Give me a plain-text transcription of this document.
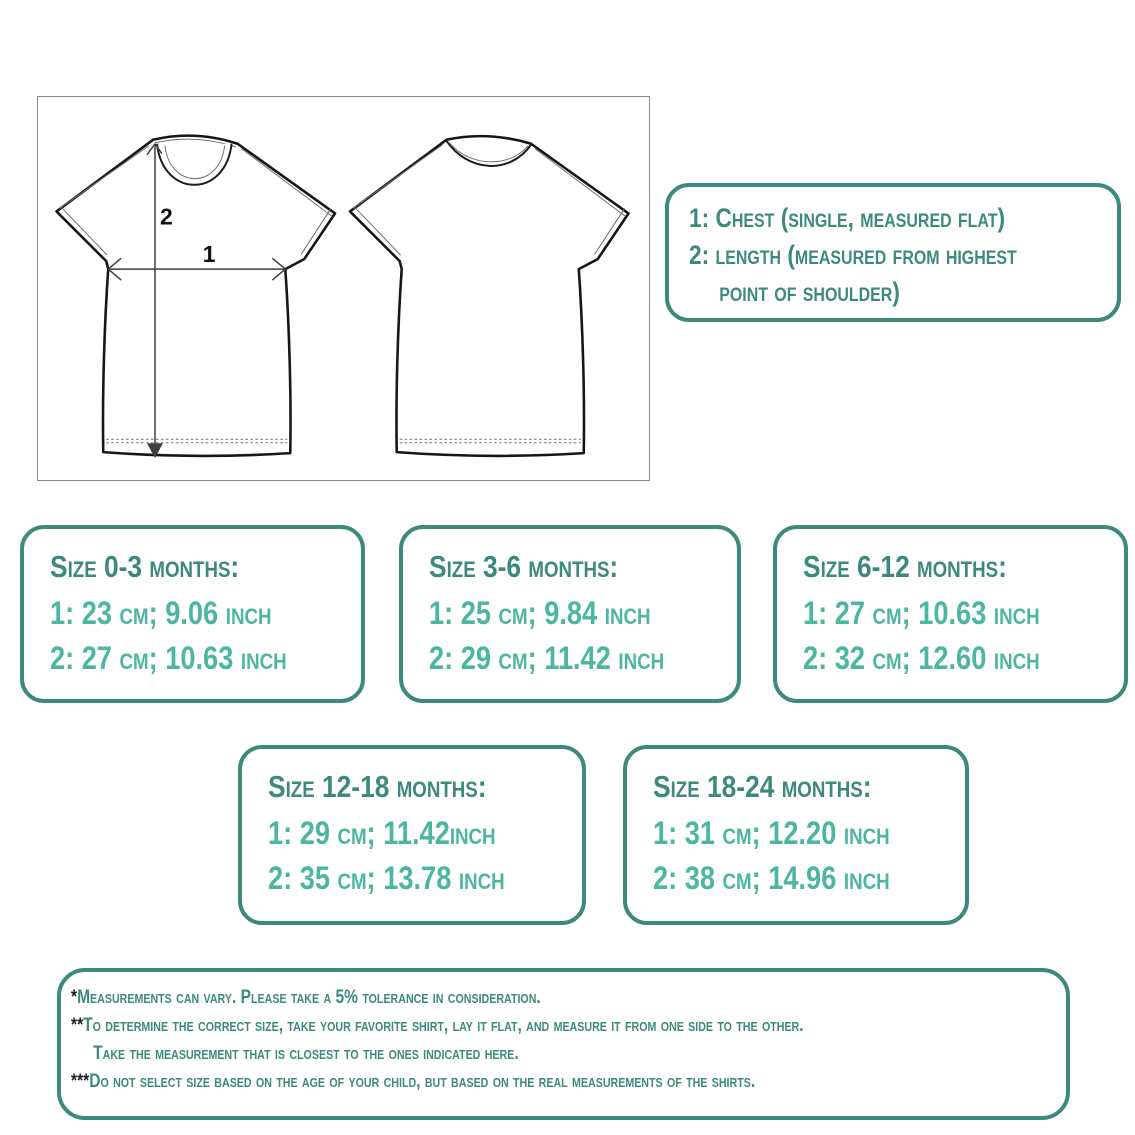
2
1
1: Chest (single, measured flat)
2: length (measured from highest
point of shoulder)
Size 0-3 months:
1: 23 cm; 9.06 inch
2: 27 cm; 10.63 inch
Size 3-6 months:
1: 25 cm; 9.84 inch
2: 29 cm; 11.42 inch
Size 6-12 months:
1: 27 cm; 10.63 inch
2: 32 cm; 12.60 inch
Size 12-18 months:
1: 29 cm; 11.42inch
2: 35 cm; 13.78 inch
Size 18-24 months:
1: 31 cm; 12.20 inch
2: 38 cm; 14.96 inch
*Measurements can vary. Please take a 5% tolerance in consideration.
**To determine the correct size, take your favorite shirt, lay it flat, and measure it from one side to the other.
Take the measurement that is closest to the ones indicated here.
***Do not select size based on the age of your child, but based on the real measurements of the shirts.
